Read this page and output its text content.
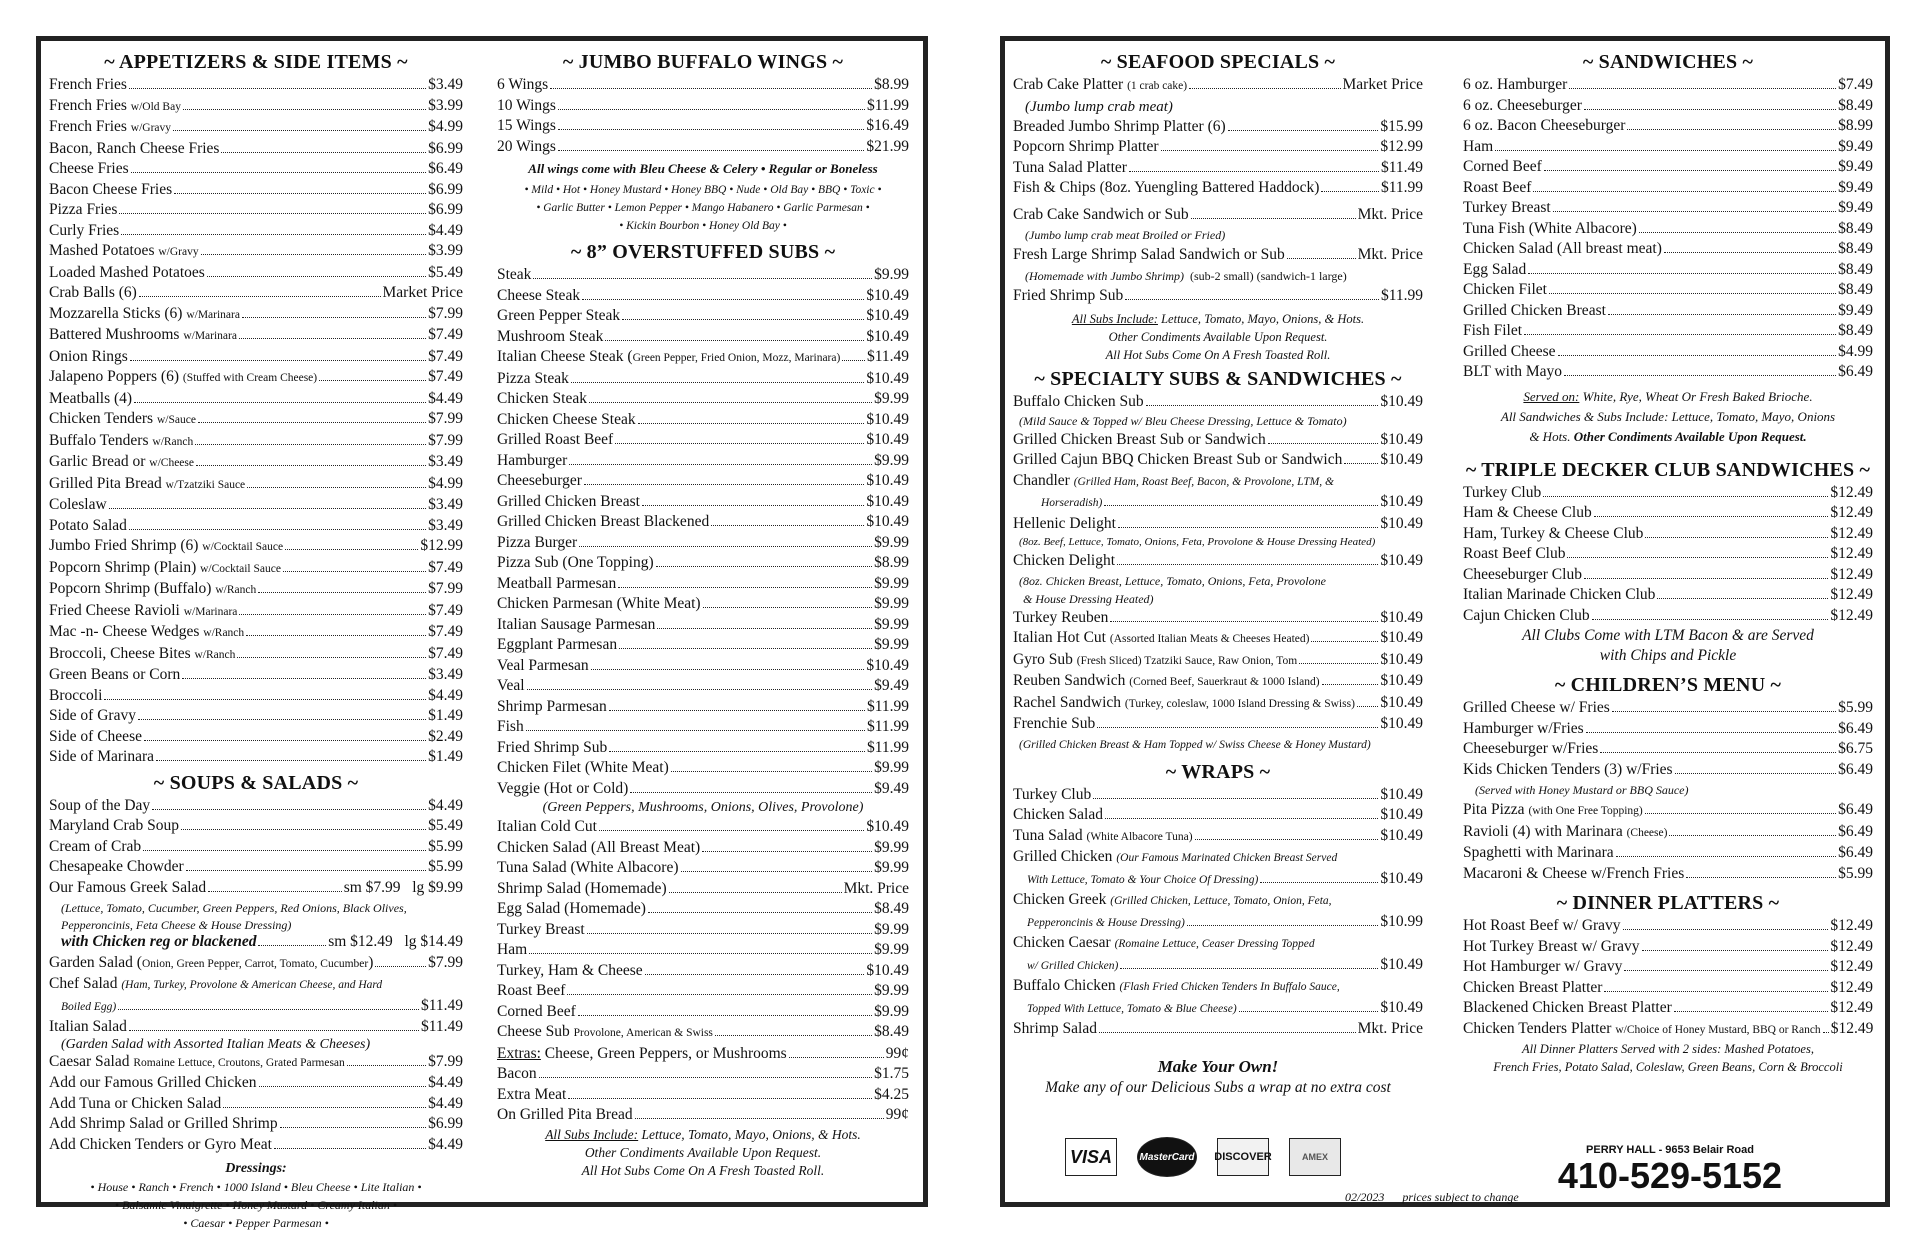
~ APPETIZERS & SIDE ITEMS ~
French Fries	$3.49
French Fries w/Old Bay	$3.99
French Fries w/Gravy	$4.99
Bacon, Ranch Cheese Fries	$6.99
Cheese Fries	$6.49
Bacon Cheese Fries	$6.99
Pizza Fries	$6.99
Curly Fries	$4.49
Mashed Potatoes w/Gravy	$3.99
Loaded Mashed Potatoes	$5.49
Crab Balls (6)	Market Price
Mozzarella Sticks (6) w/Marinara	$7.99
Battered Mushrooms w/Marinara	$7.49
Onion Rings	$7.49
Jalapeno Poppers (6) (Stuffed with Cream Cheese)	$7.49
Meatballs (4)	$4.49
Chicken Tenders w/Sauce	$7.99
Buffalo Tenders w/Ranch	$7.99
Garlic Bread or w/Cheese	$3.49
Grilled Pita Bread w/Tzatziki Sauce	$4.99
Coleslaw	$3.49
Potato Salad	$3.49
Jumbo Fried Shrimp (6) w/Cocktail Sauce	$12.99
Popcorn Shrimp (Plain) w/Cocktail Sauce	$7.49
Popcorn Shrimp (Buffalo) w/Ranch	$7.99
Fried Cheese Ravioli w/Marinara	$7.49
Mac -n- Cheese Wedges w/Ranch	$7.49
Broccoli, Cheese Bites w/Ranch	$7.49
Green Beans or Corn	$3.49
Broccoli	$4.49
Side of Gravy	$1.49
Side of Cheese	$2.49
Side of Marinara	$1.49
~ SOUPS & SALADS ~
Soup of the Day	$4.49
Maryland Crab Soup	$5.49
Cream of Crab	$5.99
Chesapeake Chowder	$5.99
Our Famous Greek Salad	sm $7.99
lg $9.99
(Lettuce, Tomato, Cucumber, Green Peppers, Red Onions, Black Olives,
Pepperoncinis, Feta Cheese & House Dressing)
with Chicken reg or blackened	sm $12.49
lg $14.49
Garden Salad (Onion, Green Pepper, Carrot, Tomato, Cucumber)	$7.99
Chef Salad (Ham, Turkey, Provolone & American Cheese, and Hard
Boiled Egg)	$11.49
Italian Salad	$11.49
(Garden Salad with Assorted Italian Meats & Cheeses)
Caesar Salad Romaine Lettuce, Croutons, Grated Parmesan	$7.99
Add our Famous Grilled Chicken	$4.49
Add Tuna or Chicken Salad	$4.49
Add Shrimp Salad or Grilled Shrimp	$6.99
Add Chicken Tenders or Gyro Meat	$4.49
Dressings:
• House • Ranch • French • 1000 Island • Bleu Cheese • Lite Italian •
• Balsamic Vinaigrette • Honey Mustard • Creamy Italian •
• Caesar • Pepper Parmesan •
~ JUMBO BUFFALO WINGS ~
6 Wings	$8.99
10 Wings	$11.99
15 Wings	$16.49
20 Wings	$21.99
All wings come with Bleu Cheese & Celery • Regular or Boneless
• Mild • Hot • Honey Mustard • Honey BBQ • Nude • Old Bay • BBQ • Toxic •
• Garlic Butter • Lemon Pepper • Mango Habanero • Garlic Parmesan •
• Kickin Bourbon • Honey Old Bay •
~ 8” OVERSTUFFED SUBS ~
Steak	$9.99
Cheese Steak	$10.49
Green Pepper Steak	$10.49
Mushroom Steak	$10.49
Italian Cheese Steak (Green Pepper, Fried Onion, Mozz, Marinara) $11.49
Pizza Steak	$10.49
Chicken Steak	$9.99
Chicken Cheese Steak	$10.49
Grilled Roast Beef	$10.49
Hamburger	$9.99
Cheeseburger	$10.49
Grilled Chicken Breast	$10.49
Grilled Chicken Breast Blackened	$10.49
Pizza Burger	$9.99
Pizza Sub (One Topping)	$8.99
Meatball Parmesan	$9.99
Chicken Parmesan (White Meat)	$9.99
Italian Sausage Parmesan	$9.99
Eggplant Parmesan	$9.99
Veal Parmesan	$10.49
Veal	$9.49
Shrimp Parmesan	$11.99
Fish	$11.99
Fried Shrimp Sub	$11.99
Chicken Filet (White Meat)	$9.99
Veggie (Hot or Cold)	$9.49
(Green Peppers, Mushrooms, Onions, Olives, Provolone)
Italian Cold Cut	$10.49
Chicken Salad (All Breast Meat)	$9.99
Tuna Salad (White Albacore)	$9.99
Shrimp Salad (Homemade)	Mkt. Price
Egg Salad (Homemade)	$8.49
Turkey Breast	$9.99
Ham	$9.99
Turkey, Ham & Cheese	$10.49
Roast Beef	$9.99
Corned Beef	$9.99
Cheese Sub Provolone, American & Swiss	$8.49
Extras: Cheese, Green Peppers, or Mushrooms	99¢
Bacon	$1.75
Extra Meat	$4.25
On Grilled Pita Bread	99¢
All Subs Include: Lettuce, Tomato, Mayo, Onions, & Hots.
Other Condiments Available Upon Request.
All Hot Subs Come On A Fresh Toasted Roll.
~ SEAFOOD SPECIALS ~
Crab Cake Platter (1 crab cake)	Market Price
(Jumbo lump crab meat)
Breaded Jumbo Shrimp Platter (6)	$15.99
Popcorn Shrimp Platter	$12.99
Tuna Salad Platter	$11.49
Fish & Chips (8oz. Yuengling Battered Haddock)	$11.99
Crab Cake Sandwich or Sub	Mkt. Price
(Jumbo lump crab meat Broiled or Fried)
Fresh Large Shrimp Salad Sandwich or Sub	Mkt. Price
(Homemade with Jumbo Shrimp) (sub-2 small) (sandwich-1 large)
Fried Shrimp Sub	$11.99
All Subs Include: Lettuce, Tomato, Mayo, Onions, & Hots.
Other Condiments Available Upon Request.
All Hot Subs Come On A Fresh Toasted Roll.
~ SPECIALTY SUBS & SANDWICHES ~
Buffalo Chicken Sub	$10.49
(Mild Sauce & Topped w/ Bleu Cheese Dressing, Lettuce & Tomato)
Grilled Chicken Breast Sub or Sandwich	$10.49
Grilled Cajun BBQ Chicken Breast Sub or Sandwich $10.49
Chandler (Grilled Ham, Roast Beef, Bacon, & Provolone, LTM, &
Horseradish)	$10.49
Hellenic Delight	$10.49
(8oz. Beef, Lettuce, Tomato, Onions, Feta, Provolone & House Dressing Heated)
Chicken Delight	$10.49
(8oz. Chicken Breast, Lettuce, Tomato, Onions, Feta, Provolone
& House Dressing Heated)
Turkey Reuben	$10.49
Italian Hot Cut (Assorted Italian Meats & Cheeses Heated)	$10.49
Gyro Sub (Fresh Sliced) Tzatziki Sauce, Raw Onion, Tom	$10.49
Reuben Sandwich (Corned Beef, Sauerkraut & 1000 Island)	$10.49
Rachel Sandwich (Turkey, coleslaw, 1000 Island Dressing & Swiss) $10.49
Frenchie Sub	$10.49
(Grilled Chicken Breast & Ham Topped w/ Swiss Cheese & Honey Mustard)
~ WRAPS ~
Turkey Club	$10.49
Chicken Salad	$10.49
Tuna Salad (White Albacore Tuna)	$10.49
Grilled Chicken (Our Famous Marinated Chicken Breast Served
With Lettuce, Tomato & Your Choice Of Dressing)	$10.49
Chicken Greek (Grilled Chicken, Lettuce, Tomato, Onion, Feta,
Pepperoncinis & House Dressing)	$10.99
Chicken Caesar (Romaine Lettuce, Ceaser Dressing Topped
w/ Grilled Chicken)	$10.49
Buffalo Chicken (Flash Fried Chicken Tenders In Buffalo Sauce,
Topped With Lettuce, Tomato & Blue Cheese)	$10.49
Shrimp Salad	Mkt. Price
Make Your Own!
Make any of our Delicious Subs a wrap at no extra cost
~ SANDWICHES ~
6 oz. Hamburger	$7.49
6 oz. Cheeseburger	$8.49
6 oz. Bacon Cheeseburger	$8.99
Ham	$9.49
Corned Beef	$9.49
Roast Beef	$9.49
Turkey Breast	$9.49
Tuna Fish (White Albacore)	$8.49
Chicken Salad (All breast meat)	$8.49
Egg Salad	$8.49
Chicken Filet	$8.49
Grilled Chicken Breast	$9.49
Fish Filet	$8.49
Grilled Cheese	$4.99
BLT with Mayo	$6.49
Served on: White, Rye, Wheat Or Fresh Baked Brioche.
All Sandwiches & Subs Include: Lettuce, Tomato, Mayo, Onions
& Hots. Other Condiments Available Upon Request.
~ TRIPLE DECKER CLUB SANDWICHES ~
Turkey Club	$12.49
Ham & Cheese Club	$12.49
Ham, Turkey & Cheese Club	$12.49
Roast Beef Club	$12.49
Cheeseburger Club	$12.49
Italian Marinade Chicken Club	$12.49
Cajun Chicken Club	$12.49
All Clubs Come with LTM Bacon & are Served
with Chips and Pickle
~ CHILDREN’S MENU ~
Grilled Cheese w/ Fries	$5.99
Hamburger w/Fries	$6.49
Cheeseburger w/Fries	$6.75
Kids Chicken Tenders (3) w/Fries	$6.49
(Served with Honey Mustard or BBQ Sauce)
Pita Pizza (with One Free Topping)	$6.49
Ravioli (4) with Marinara (Cheese)	$6.49
Spaghetti with Marinara	$6.49
Macaroni & Cheese w/French Fries	$5.99
~ DINNER PLATTERS ~
Hot Roast Beef w/ Gravy	$12.49
Hot Turkey Breast w/ Gravy	$12.49
Hot Hamburger w/ Gravy	$12.49
Chicken Breast Platter	$12.49
Blackened Chicken Breast Platter	$12.49
Chicken Tenders Platter w/Choice of Honey Mustard, BBQ or Ranch $12.49
All Dinner Platters Served with 2 sides: Mashed Potatoes,
French Fries, Potato Salad, Coleslaw, Green Beans, Corn & Broccoli
VISA	MasterCard DISCOVER	AMEX
02/2023 prices subject to change
PERRY HALL - 9653 Belair Road
410-529-5152
